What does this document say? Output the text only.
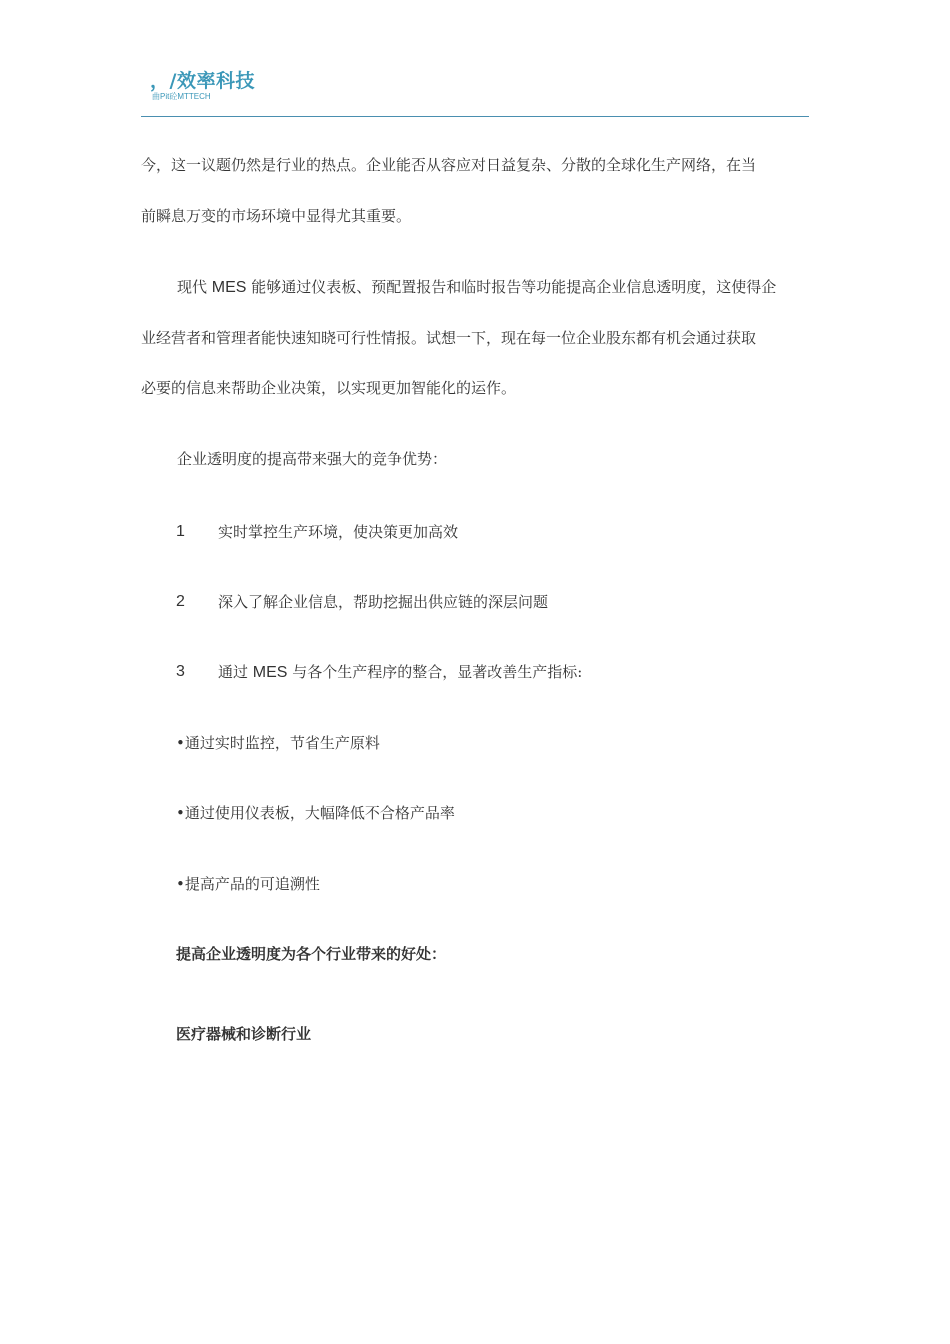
，/效率科技
曲Pit砼MTTECH
今，这一议题仍然是行业的热点。企业能否从容应对日益复杂、分散的全球化生产网络，在当
前瞬息万变的市场环境中显得尤其重要。
现代 MES 能够通过仪表板、预配置报告和临时报告等功能提高企业信息透明度，这使得企
业经营者和管理者能快速知晓可行性情报。试想一下，现在每一位企业股东都有机会通过获取
必要的信息来帮助企业决策，以实现更加智能化的运作。
企业透明度的提高带来强大的竞争优势：
1 实时掌控生产环境，使决策更加高效
2 深入了解企业信息，帮助挖掘出供应链的深层问题
3 通过 MES 与各个生产程序的整合，显著改善生产指标:
•通过实时监控，节省生产原料
•通过使用仪表板，大幅降低不合格产品率
•提高产品的可追溯性
提高企业透明度为各个行业带来的好处：
医疗器械和诊断行业
